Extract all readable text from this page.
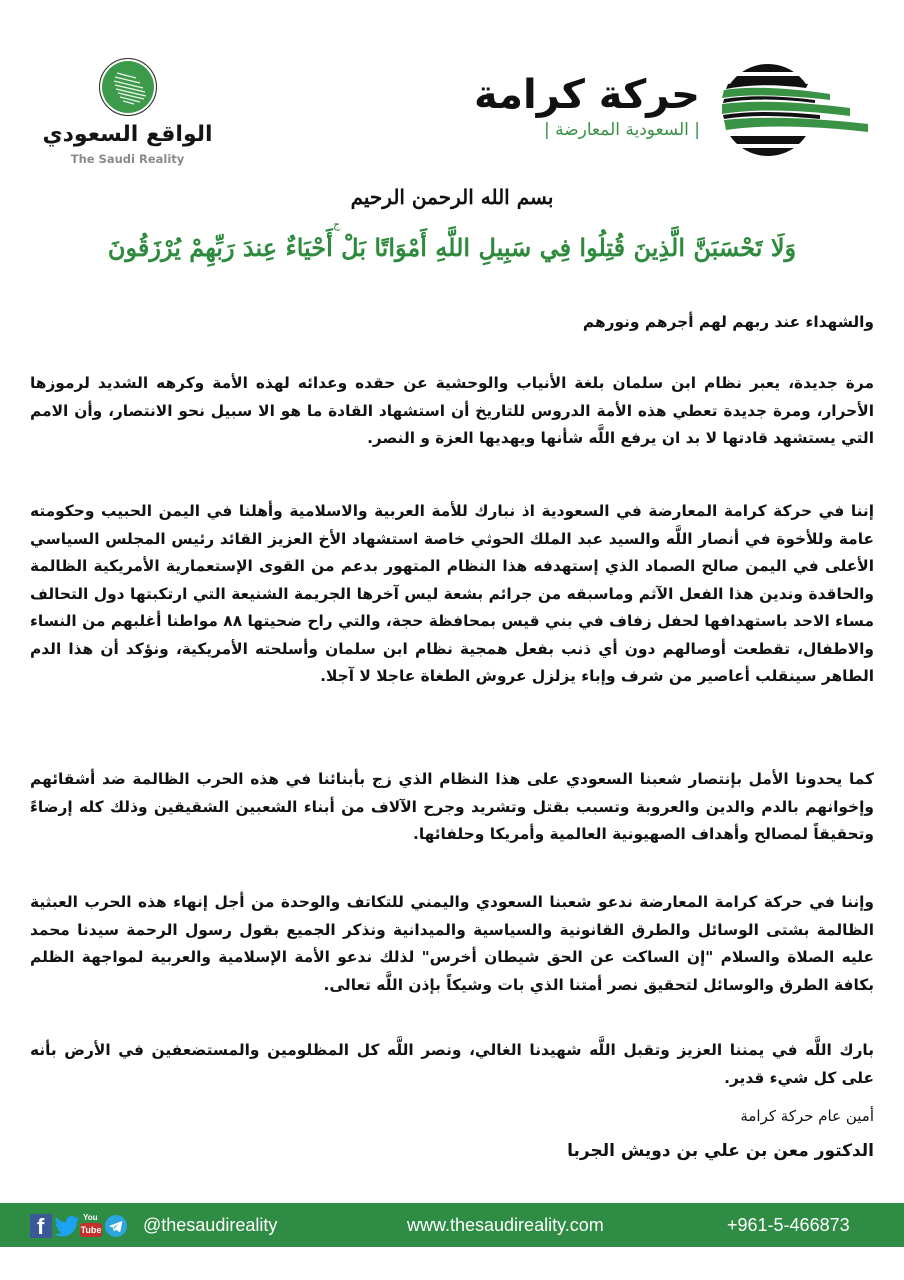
الواقع السعودي
The Saudi Reality
حركة كرامة
| السعودية المعارضة |
بسم الله الرحمن الرحيم
ج
وَلَا تَحْسَبَنَّ الَّذِينَ قُتِلُوا فِي سَبِيلِ اللَّهِ أَمْوَاتًا بَلْ أَحْيَاءٌ عِندَ رَبِّهِمْ يُرْزَقُونَ
والشهداء عند ربهم لهم أجرهم ونورهم
مرة جديدة، يعبر نظام ابن سلمان بلغة الأنياب والوحشية عن حقده وعدائه لهذه الأمة وكرهه الشديد لرموزها الأحرار، ومرة جديدة تعطي هذه الأمة الدروس للتاريخ أن استشهاد القادة ما هو الا سبيل نحو الانتصار، وأن الامم التي يستشهد قادتها لا بد ان يرفع اللَّه شأنها ويهديها العزة و النصر.
إننا في حركة كرامة المعارضة في السعودية اذ نبارك للأمة العربية والاسلامية وأهلنا في اليمن الحبيب وحكومته عامة وللأخوة في أنصار اللَّه والسيد عبد الملك الحوثي خاصة استشهاد الأخ العزيز القائد رئيس المجلس السياسي الأعلى في اليمن صالح الصماد الذي إستهدفه هذا النظام المتهور بدعم من القوى الإستعمارية الأمريكية الظالمة والحاقدة وندين هذا الفعل الآثم وماسبقه من جرائم بشعة ليس آخرها الجريمة الشنيعة التي ارتكبتها دول التحالف مساء الاحد باستهدافها لحفل زفاف في بني قيس بمحافظة حجة، والتي راح ضحيتها ٨٨ مواطنا أغلبهم من النساء والاطفال، تقطعت أوصالهم دون أي ذنب بفعل همجية نظام ابن سلمان وأسلحته الأمريكية، ونؤكد أن هذا الدم الطاهر سينقلب أعاصير من شرف وإباء يزلزل عروش الطغاة عاجلا لا آجلا.
كما يحدونا الأمل بإنتصار شعبنا السعودي على هذا النظام الذي زج بأبنائنا في هذه الحرب الظالمة ضد أشقائهم وإخوانهم بالدم والدين والعروبة وتسبب بقتل وتشريد وجرح الآلاف من أبناء الشعبين الشقيقين وذلك كله إرضاءً وتحقيقاً لمصالح وأهداف الصهيونية العالمية وأمريكا وحلفائها.
وإننا في حركة كرامة المعارضة ندعو شعبنا السعودي واليمني للتكاتف والوحدة من أجل إنهاء هذه الحرب العبثية الظالمة بشتى الوسائل والطرق القانونية والسياسية والميدانية ونذكر الجميع بقول رسول الرحمة سيدنا محمد عليه الصلاة والسلام "إن الساكت عن الحق شيطان أخرس" لذلك ندعو الأمة الإسلامية والعربية لمواجهة الظلم بكافة الطرق والوسائل لتحقيق نصر أمتنا الذي بات وشيكاً بإذن اللَّه تعالى.
بارك اللَّه في يمننا العزيز وتقبل اللَّه شهيدنا الغالي، ونصر اللَّه كل المظلومين والمستضعفين في الأرض بأنه على كل شيء قدير.
أمين عام حركة كرامة
الدكتور معن بن علي بن دويش الجربا
f	You
Tube @thesaudireality	www.thesaudireality.com	+961-5-466873
